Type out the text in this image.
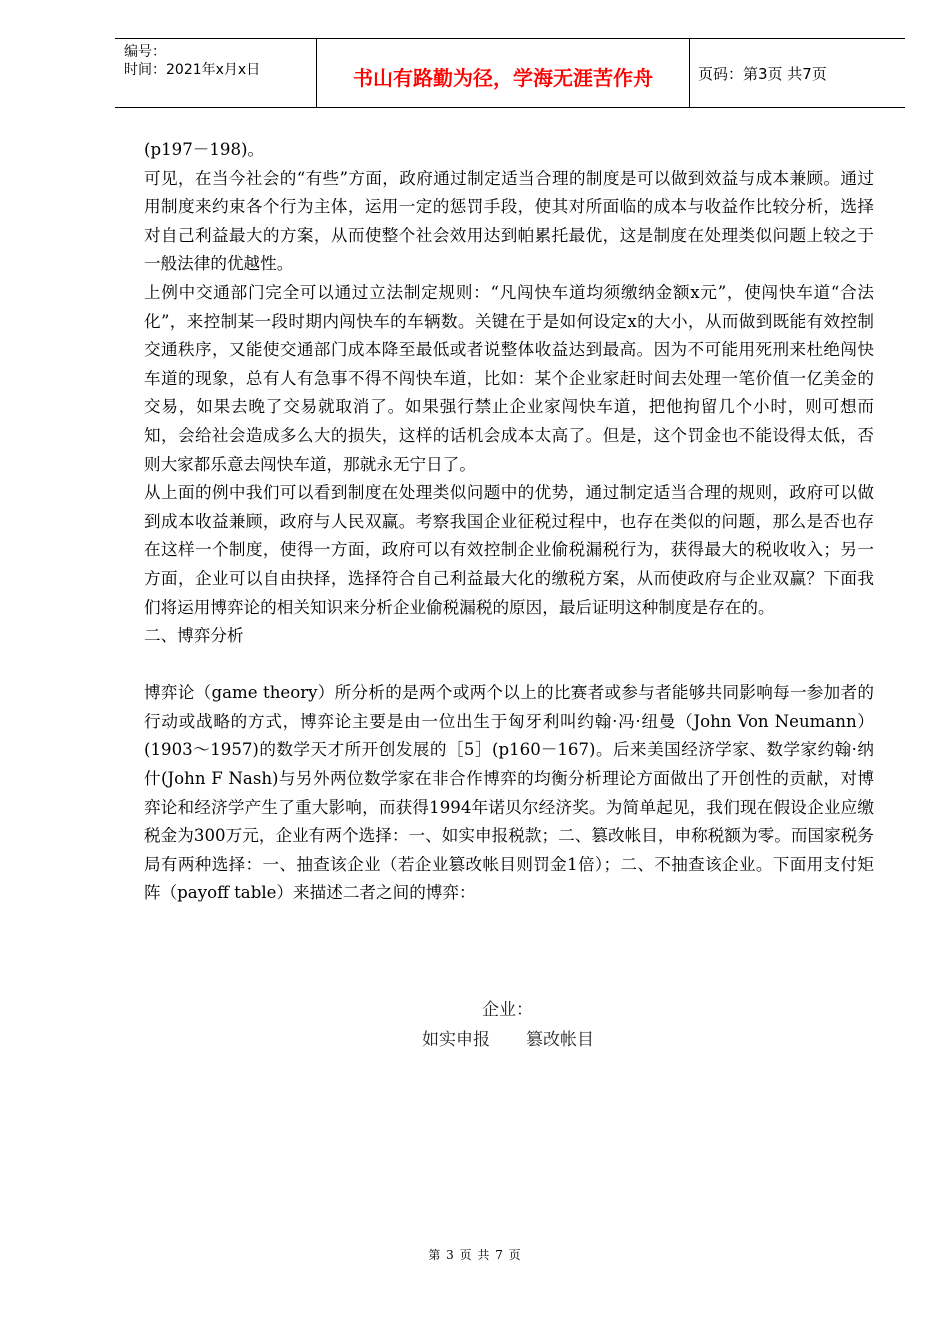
编号：
时间：2021年x月x日	书山有路勤为径，学海无涯苦作舟	页码：第3页 共7页

(p197－198)。

可见，在当今社会的“有些”方面，政府通过制定适当合理的制度是可以做到效益与成本兼顾。通过用制度来约束各个行为主体，运用一定的惩罚手段，使其对所面临的成本与收益作比较分析，选择对自己利益最大的方案，从而使整个社会效用达到帕累托最优，这是制度在处理类似问题上较之于一般法律的优越性。

上例中交通部门完全可以通过立法制定规则：“凡闯快车道均须缴纳金额x元”，使闯快车道“合法化”，来控制某一段时期内闯快车的车辆数。关键在于是如何设定x的大小，从而做到既能有效控制交通秩序，又能使交通部门成本降至最低或者说整体收益达到最高。因为不可能用死刑来杜绝闯快车道的现象，总有人有急事不得不闯快车道，比如：某个企业家赶时间去处理一笔价值一亿美金的交易，如果去晚了交易就取消了。如果强行禁止企业家闯快车道，把他拘留几个小时，则可想而知，会给社会造成多么大的损失，这样的话机会成本太高了。但是，这个罚金也不能设得太低，否则大家都乐意去闯快车道，那就永无宁日了。

从上面的例中我们可以看到制度在处理类似问题中的优势，通过制定适当合理的规则，政府可以做到成本收益兼顾，政府与人民双赢。考察我国企业征税过程中，也存在类似的问题，那么是否也存在这样一个制度，使得一方面，政府可以有效控制企业偷税漏税行为，获得最大的税收收入；另一方面，企业可以自由抉择，选择符合自己利益最大化的缴税方案，从而使政府与企业双赢？下面我们将运用博弈论的相关知识来分析企业偷税漏税的原因，最后证明这种制度是存在的。

二、博弈分析

博弈论（game theory）所分析的是两个或两个以上的比赛者或参与者能够共同影响每一参加者的行动或战略的方式，博弈论主要是由一位出生于匈牙利叫约翰·冯·纽曼（John Von Neumann）(1903～1957)的数学天才所开创发展的［5］(p160－167)。后来美国经济学家、数学家约翰·纳什(John F Nash)与另外两位数学家在非合作博弈的均衡分析理论方面做出了开创性的贡献，对博弈论和经济学产生了重大影响，而获得1994年诺贝尔经济奖。为简单起见，我们现在假设企业应缴税金为300万元，企业有两个选择：一、如实申报税款；二、篡改帐目，申称税额为零。而国家税务局有两种选择：一、抽查该企业（若企业篡改帐目则罚金1倍）；二、不抽查该企业。下面用支付矩阵（payoff table）来描述二者之间的博弈：

企业：
如实申报 篡改帐目
第 3 页 共 7 页
